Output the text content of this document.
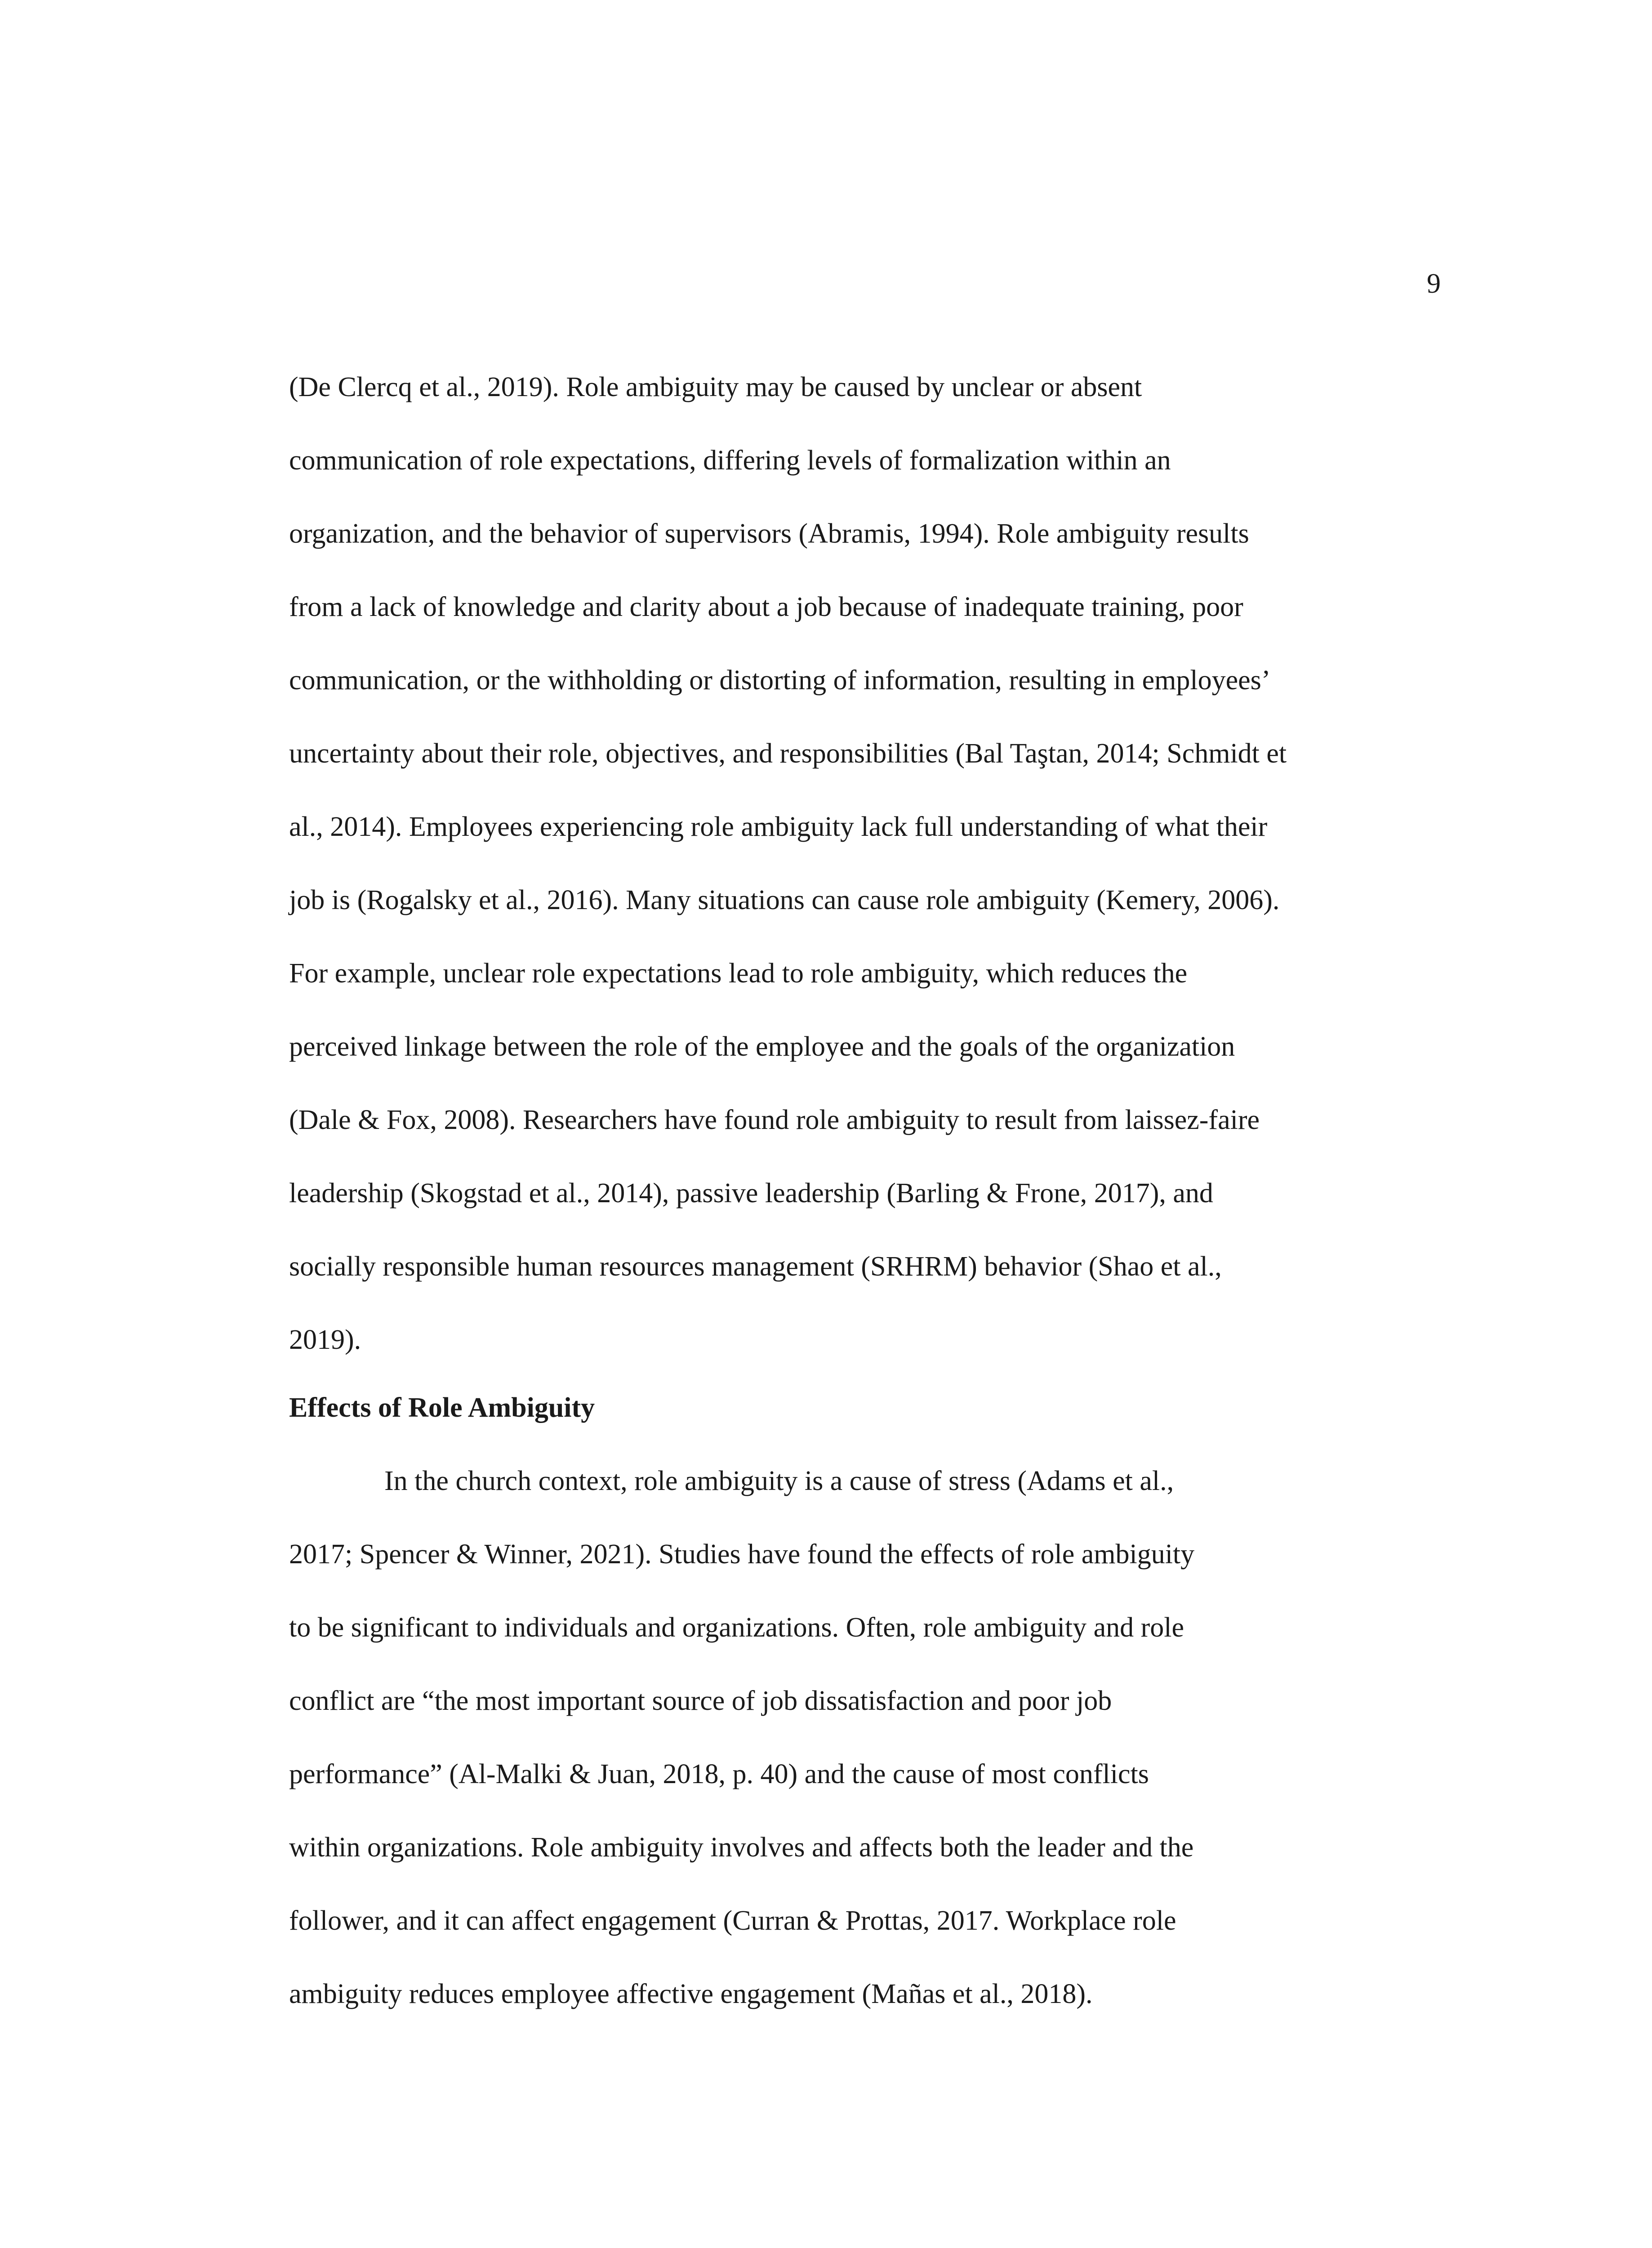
9
(De Clercq et al., 2019). Role ambiguity may be caused by unclear or absent
communication of role expectations, differing levels of formalization within an
organization, and the behavior of supervisors (Abramis, 1994). Role ambiguity results
from a lack of knowledge and clarity about a job because of inadequate training, poor
communication, or the withholding or distorting of information, resulting in employees’
uncertainty about their role, objectives, and responsibilities (Bal Taştan, 2014; Schmidt et
al., 2014). Employees experiencing role ambiguity lack full understanding of what their
job is (Rogalsky et al., 2016). Many situations can cause role ambiguity (Kemery, 2006).
For example, unclear role expectations lead to role ambiguity, which reduces the
perceived linkage between the role of the employee and the goals of the organization
(Dale & Fox, 2008). Researchers have found role ambiguity to result from laissez-faire
leadership (Skogstad et al., 2014), passive leadership (Barling & Frone, 2017), and
socially responsible human resources management (SRHRM) behavior (Shao et al.,
2019).
Effects of Role Ambiguity
In the church context, role ambiguity is a cause of stress (Adams et al.,
2017; Spencer & Winner, 2021). Studies have found the effects of role ambiguity
to be significant to individuals and organizations. Often, role ambiguity and role
conflict are “the most important source of job dissatisfaction and poor job
performance” (Al-Malki & Juan, 2018, p. 40) and the cause of most conflicts
within organizations. Role ambiguity involves and affects both the leader and the
follower, and it can affect engagement (Curran & Prottas, 2017. Workplace role
ambiguity reduces employee affective engagement (Mañas et al., 2018).
